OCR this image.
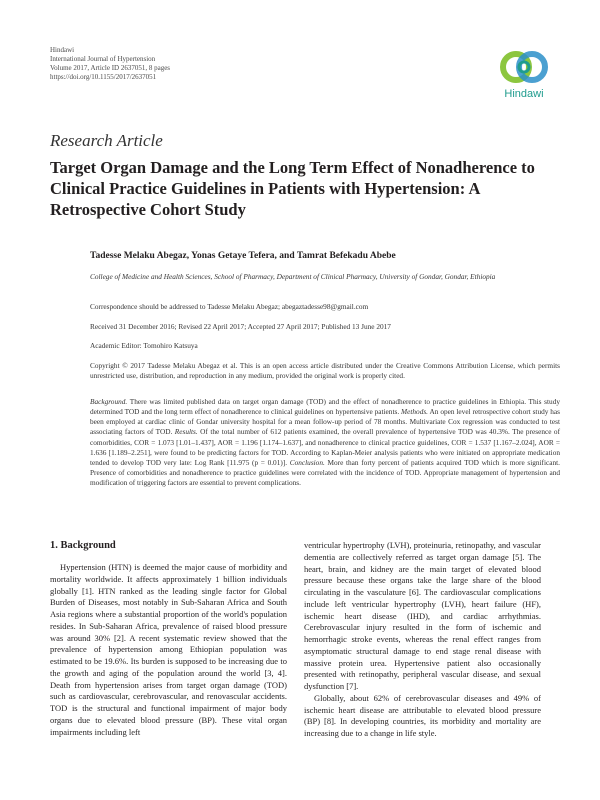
Hindawi
International Journal of Hypertension
Volume 2017, Article ID 2637051, 8 pages
https://doi.org/10.1155/2017/2637051
Hindawi
Research Article
Target Organ Damage and the Long Term Effect of Nonadherence to Clinical Practice Guidelines in Patients with Hypertension: A Retrospective Cohort Study
Tadesse Melaku Abegaz, Yonas Getaye Tefera, and Tamrat Befekadu Abebe
College of Medicine and Health Sciences, School of Pharmacy, Department of Clinical Pharmacy, University of Gondar, Gondar, Ethiopia
Correspondence should be addressed to Tadesse Melaku Abegaz; abegaztadesse98@gmail.com
Received 31 December 2016; Revised 22 April 2017; Accepted 27 April 2017; Published 13 June 2017
Academic Editor: Tomohiro Katsuya
Copyright © 2017 Tadesse Melaku Abegaz et al. This is an open access article distributed under the Creative Commons Attribution License, which permits unrestricted use, distribution, and reproduction in any medium, provided the original work is properly cited.
Background. There was limited published data on target organ damage (TOD) and the effect of nonadherence to practice guidelines in Ethiopia. This study determined TOD and the long term effect of nonadherence to clinical guidelines on hypertensive patients. Methods. An open level retrospective cohort study has been employed at cardiac clinic of Gondar university hospital for a mean follow-up period of 78 months. Multivariate Cox regression was conducted to test associating factors of TOD. Results. Of the total number of 612 patients examined, the overall prevalence of hypertensive TOD was 40.3%. The presence of comorbidities, COR = 1.073 [1.01–1.437], AOR = 1.196 [1.174–1.637], and nonadherence to clinical practice guidelines, COR = 1.537 [1.167–2.024], AOR = 1.636 [1.189–2.251], were found to be predicting factors for TOD. According to Kaplan-Meier analysis patients who were initiated on appropriate medication tended to develop TOD very late: Log Rank [11.975 (p = 0.01)]. Conclusion. More than forty percent of patients acquired TOD which is more significant. Presence of comorbidities and nonadherence to practice guidelines were correlated with the incidence of TOD. Appropriate management of hypertension and modification of triggering factors are essential to prevent complications.
1. Background

Hypertension (HTN) is deemed the major cause of morbidity and mortality worldwide. It affects approximately 1 billion individuals globally [1]. HTN ranked as the leading single factor for Global Burden of Diseases, most notably in Sub-Saharan Africa and South Asia regions where a substantial proportion of the world's population resides. In Sub-Saharan Africa, prevalence of raised blood pressure was around 30% [2]. A recent systematic review showed that the prevalence of hypertension among Ethiopian population was estimated to be 19.6%. Its burden is supposed to be increasing due to the growth and aging of the population around the world [3, 4]. Death from hypertension arises from target organ damage (TOD) such as cardiovascular, cerebrovascular, and renovascular accidents. TOD is the structural and functional impairment of major body organs due to elevated blood pressure (BP). These vital organ impairments including left

ventricular hypertrophy (LVH), proteinuria, retinopathy, and vascular dementia are collectively referred as target organ damage [5]. The heart, brain, and kidney are the main target of elevated blood pressure because these organs take the large share of the blood circulating in the vasculature [6]. The cardiovascular complications include left ventricular hypertrophy (LVH), heart failure (HF), ischemic heart disease (IHD), and cardiac arrhythmias. Cerebrovascular injury resulted in the form of ischemic and hemorrhagic stroke events, whereas the renal effect ranges from asymptomatic structural damage to end stage renal disease with massive protein urea. Hypertensive patient also occasionally presented with retinopathy, peripheral vascular disease, and sexual dysfunction [7].

Globally, about 62% of cerebrovascular diseases and 49% of ischemic heart disease are attributable to elevated blood pressure (BP) [8]. In developing countries, its morbidity and mortality are increasing due to a change in life style.
